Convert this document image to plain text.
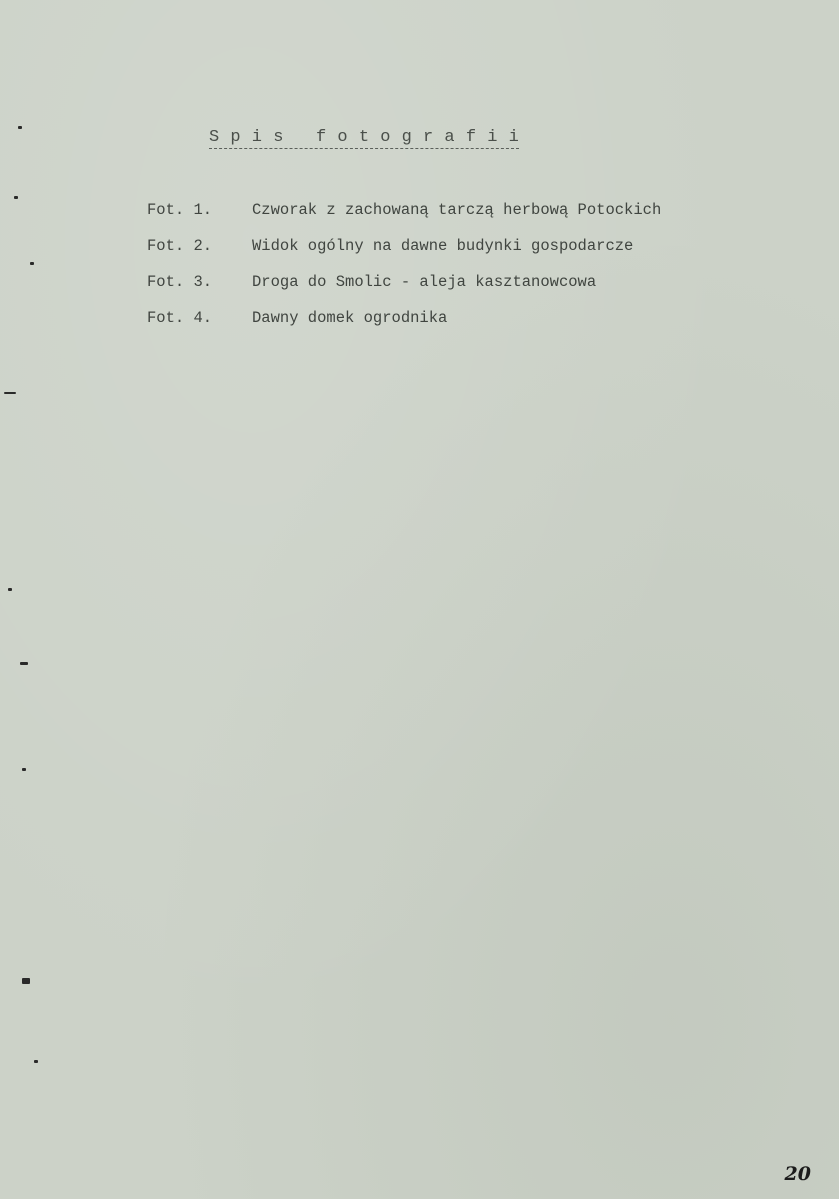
S p i s   f o t o g r a f i i
Fot. 1.	Czworak z zachowaną tarczą herbową Potockich
Fot. 2.	Widok ogólny na dawne budynki gospodarcze
Fot. 3.	Droga do Smolic - aleja kasztanowcowa
Fot. 4.	Dawny domek ogrodnika
20
